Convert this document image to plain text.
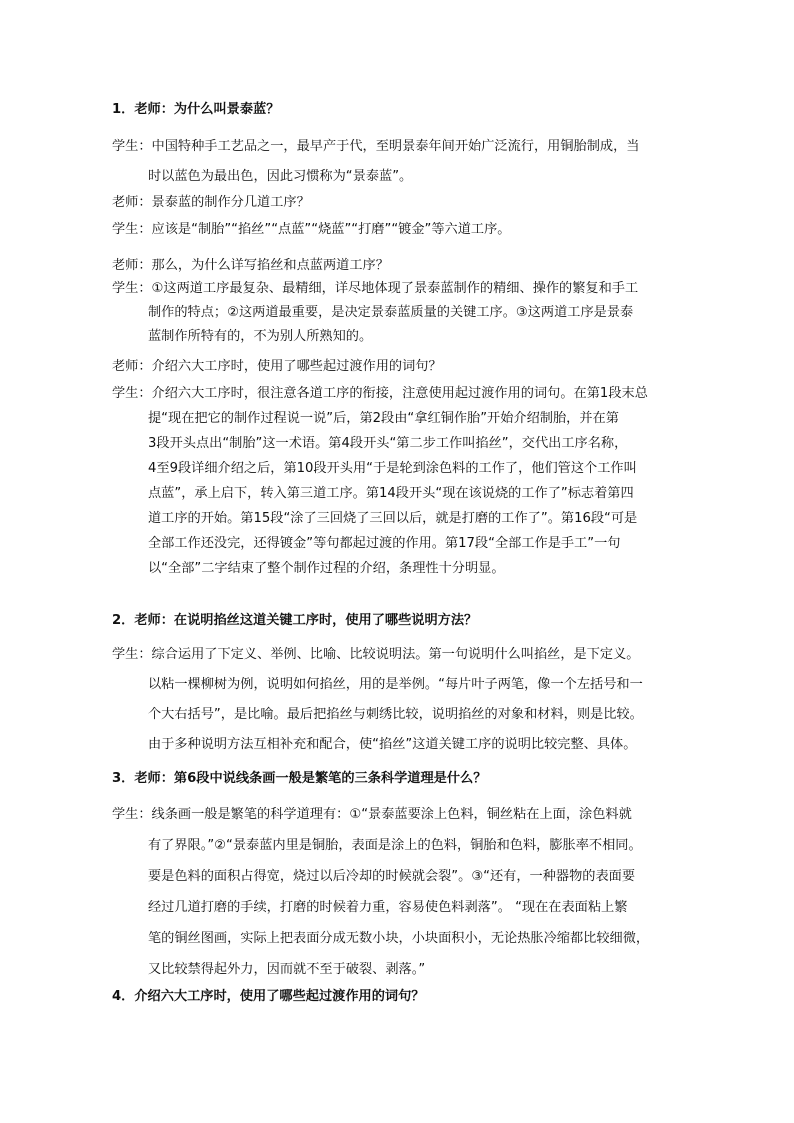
1．老师：为什么叫景泰蓝？
学生：中国特种手工艺品之一，最早产于代，至明景泰年间开始广泛流行，用铜胎制成，当
时以蓝色为最出色，因此习惯称为“景泰蓝”。
老师：景泰蓝的制作分几道工序？
学生：应该是“制胎”“掐丝”“点蓝”“烧蓝”“打磨”“镀金”等六道工序。
老师：那么，为什么详写掐丝和点蓝两道工序？
学生：①这两道工序最复杂、最精细，详尽地体现了景泰蓝制作的精细、操作的繁复和手工
制作的特点；②这两道最重要，是决定景泰蓝质量的关键工序。③这两道工序是景泰
蓝制作所特有的，不为别人所熟知的。
老师：介绍六大工序时，使用了哪些起过渡作用的词句？
学生：介绍六大工序时，很注意各道工序的衔接，注意使用起过渡作用的词句。在第1段末总
提“现在把它的制作过程说一说”后，第2段由“拿红铜作胎”开始介绍制胎，并在第
3段开头点出“制胎”这一术语。第4段开头“第二步工作叫掐丝”，交代出工序名称，
4至9段详细介绍之后，第10段开头用“于是轮到涂色料的工作了，他们管这个工作叫
点蓝”，承上启下，转入第三道工序。第14段开头“现在该说烧的工作了”标志着第四
道工序的开始。第15段“涂了三回烧了三回以后，就是打磨的工作了”。第16段“可是
全部工作还没完，还得镀金”等句都起过渡的作用。第17段“全部工作是手工”一句
以“全部”二字结束了整个制作过程的介绍，条理性十分明显。
2．老师：在说明掐丝这道关键工序时，使用了哪些说明方法？
学生：综合运用了下定义、举例、比喻、比较说明法。第一句说明什么叫掐丝，是下定义。
以粘一棵柳树为例，说明如何掐丝，用的是举例。“每片叶子两笔，像一个左括号和一
个大右括号”，是比喻。最后把掐丝与刺绣比较，说明掐丝的对象和材料，则是比较。
由于多种说明方法互相补充和配合，使“掐丝”这道关键工序的说明比较完整、具体。
3．老师：第6段中说线条画一般是繁笔的三条科学道理是什么？
学生：线条画一般是繁笔的科学道理有：①“景泰蓝要涂上色料，铜丝粘在上面，涂色料就
有了界限。”②“景泰蓝内里是铜胎，表面是涂上的色料，铜胎和色料，膨胀率不相同。
要是色料的面积占得宽，烧过以后冷却的时候就会裂”。③“还有，一种器物的表面要
经过几道打磨的手续，打磨的时候着力重，容易使色料剥落”。 “现在在表面粘上繁
笔的铜丝图画，实际上把表面分成无数小块，小块面积小，无论热胀冷缩都比较细微，
又比较禁得起外力，因而就不至于破裂、剥落。”
4．介绍六大工序时，使用了哪些起过渡作用的词句？
